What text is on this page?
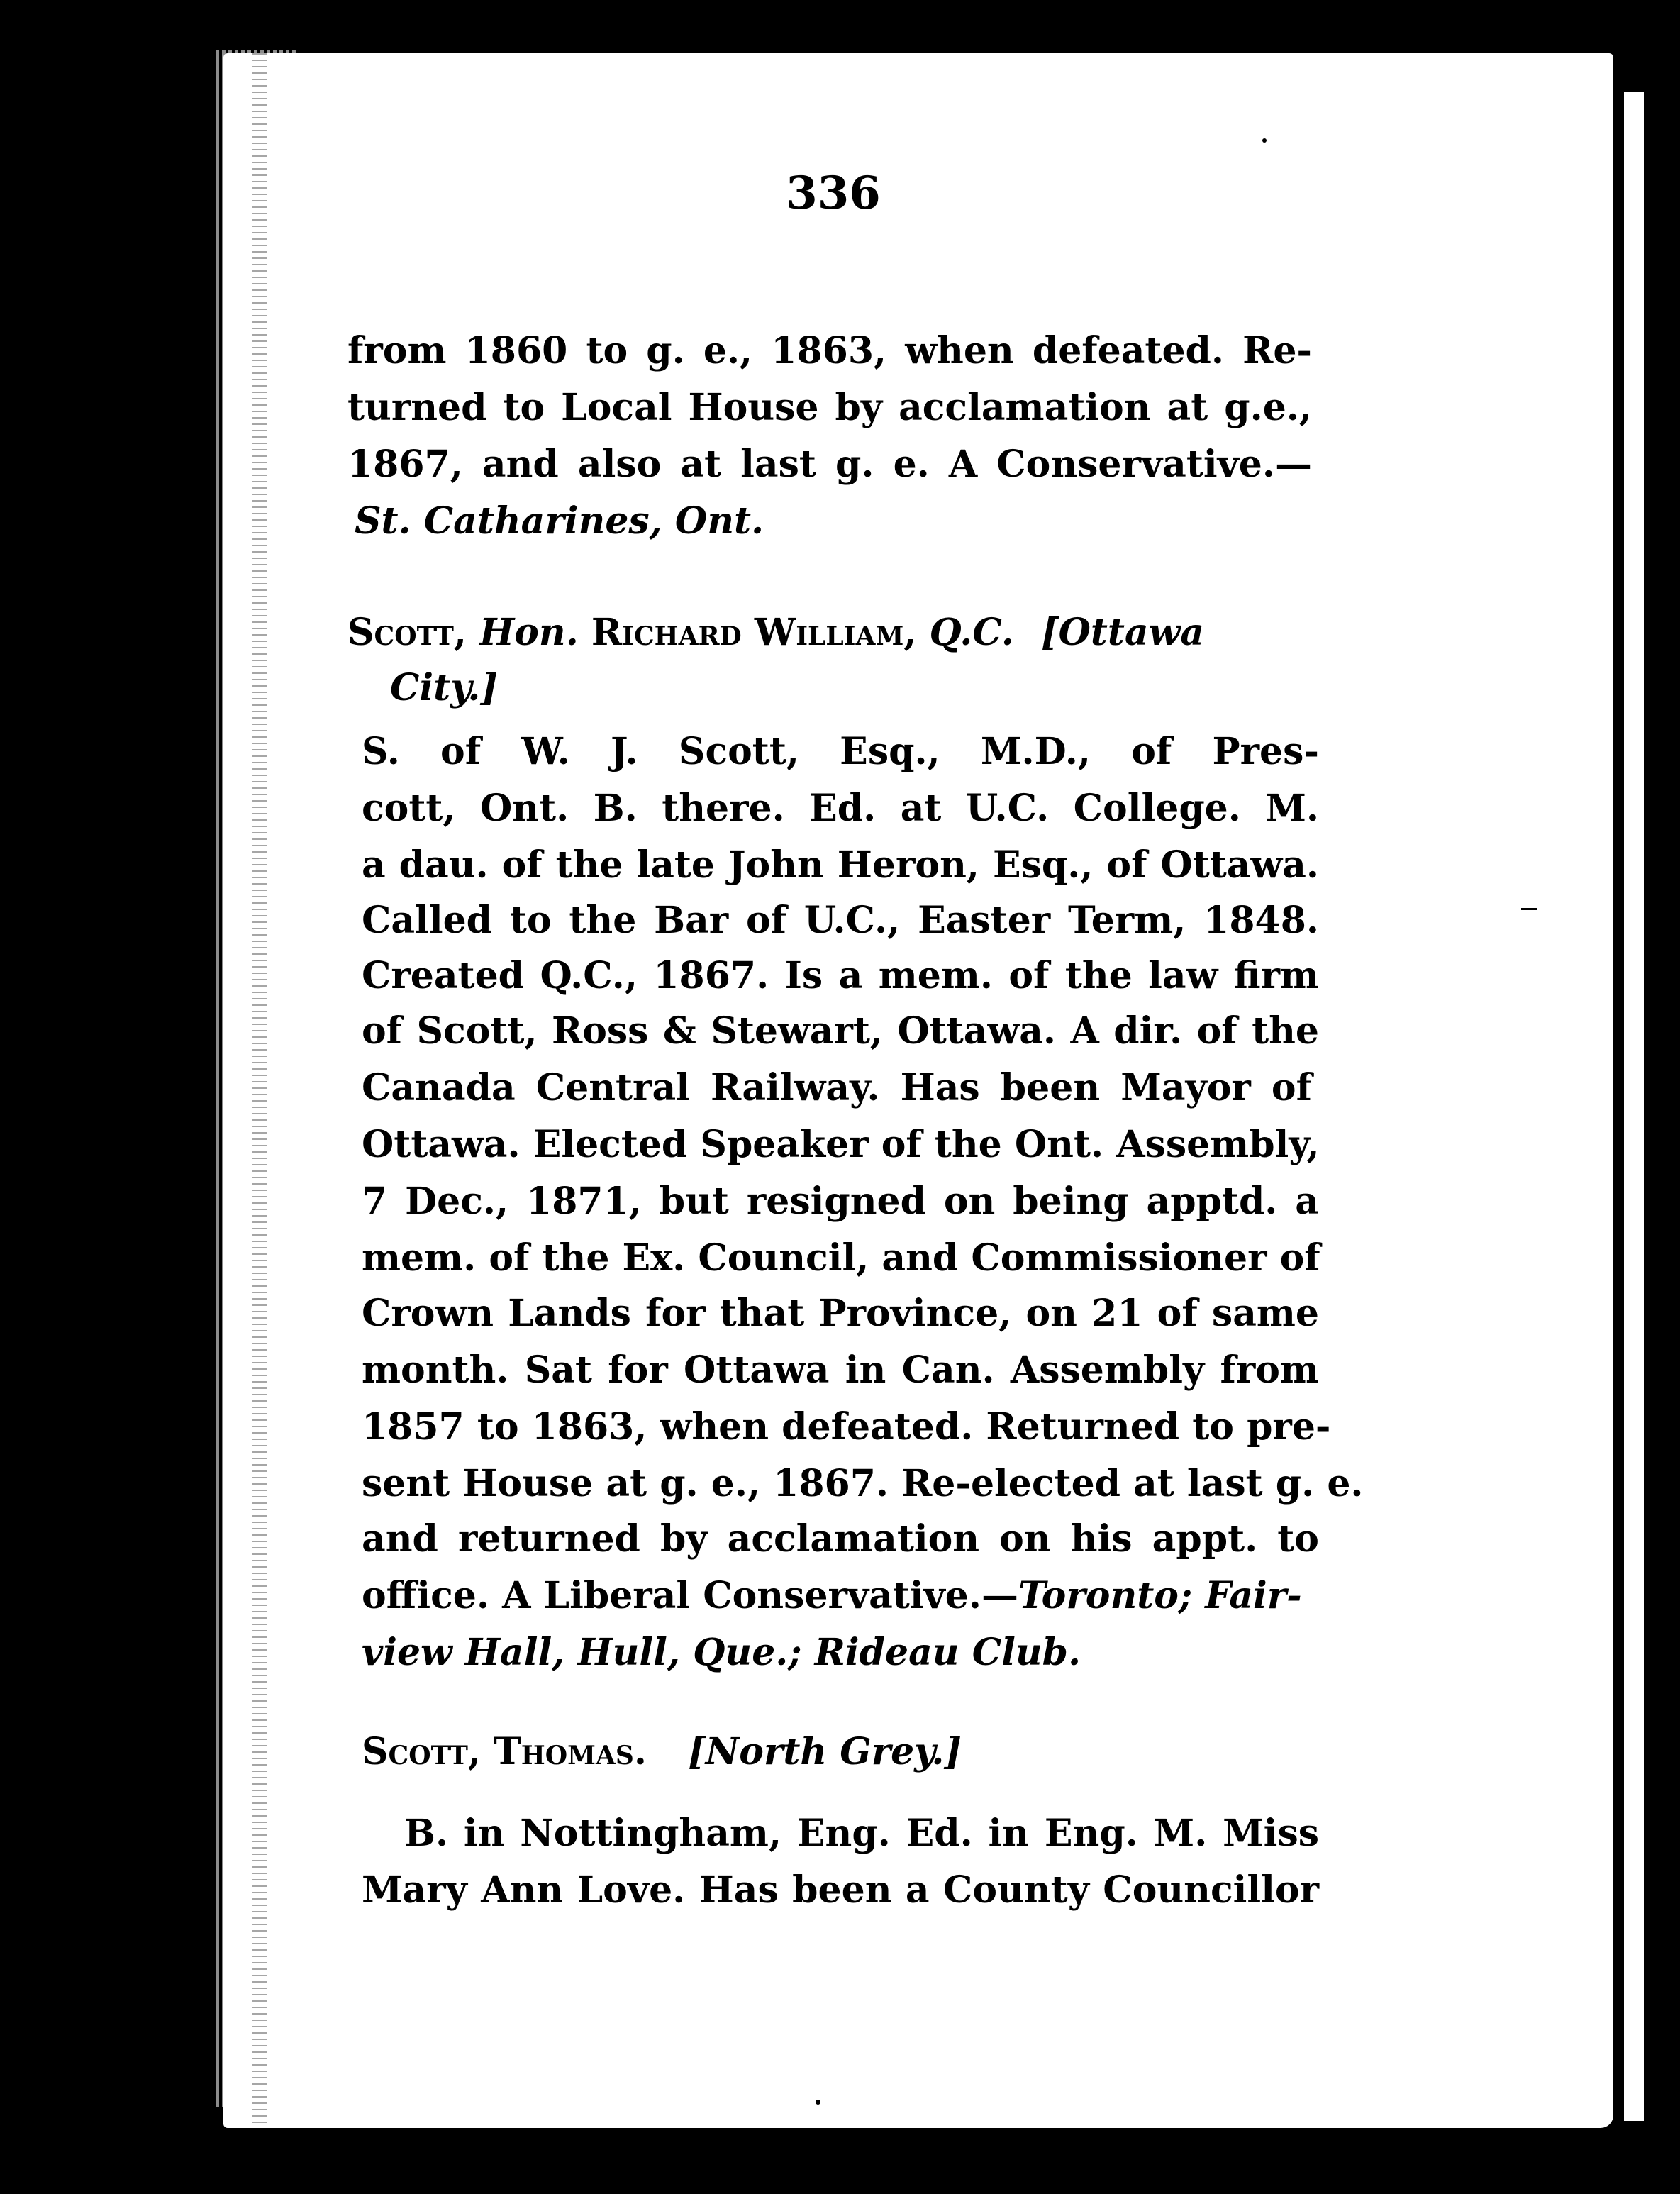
336
from 1860 to g. e., 1863, when defeated. Re-
turned to Local House by acclamation at g.e.,
1867, and also at last g. e. A Conservative.—
St. Catharines, Ont.
Scott, Hon. Richard William, Q.C. [Ottawa
City.]
S. of W. J. Scott, Esq., M.D., of Pres-
cott, Ont. B. there. Ed. at U.C. College. M.
a dau. of the late John Heron, Esq., of Ottawa.
Called to the Bar of U.C., Easter Term, 1848.
Created Q.C., 1867. Is a mem. of the law firm
of Scott, Ross & Stewart, Ottawa. A dir. of the
Canada Central Railway. Has been Mayor of
Ottawa. Elected Speaker of the Ont. Assembly,
7 Dec., 1871, but resigned on being apptd. a
mem. of the Ex. Council, and Commissioner of
Crown Lands for that Province, on 21 of same
month. Sat for Ottawa in Can. Assembly from
1857 to 1863, when defeated. Returned to pre-
sent House at g. e., 1867. Re-elected at last g. e.
and returned by acclamation on his appt. to
office. A Liberal Conservative.—Toronto; Fair-
view Hall, Hull, Que.; Rideau Club.
Scott, Thomas. [North Grey.]
B. in Nottingham, Eng. Ed. in Eng. M. Miss
Mary Ann Love. Has been a County Councillor
